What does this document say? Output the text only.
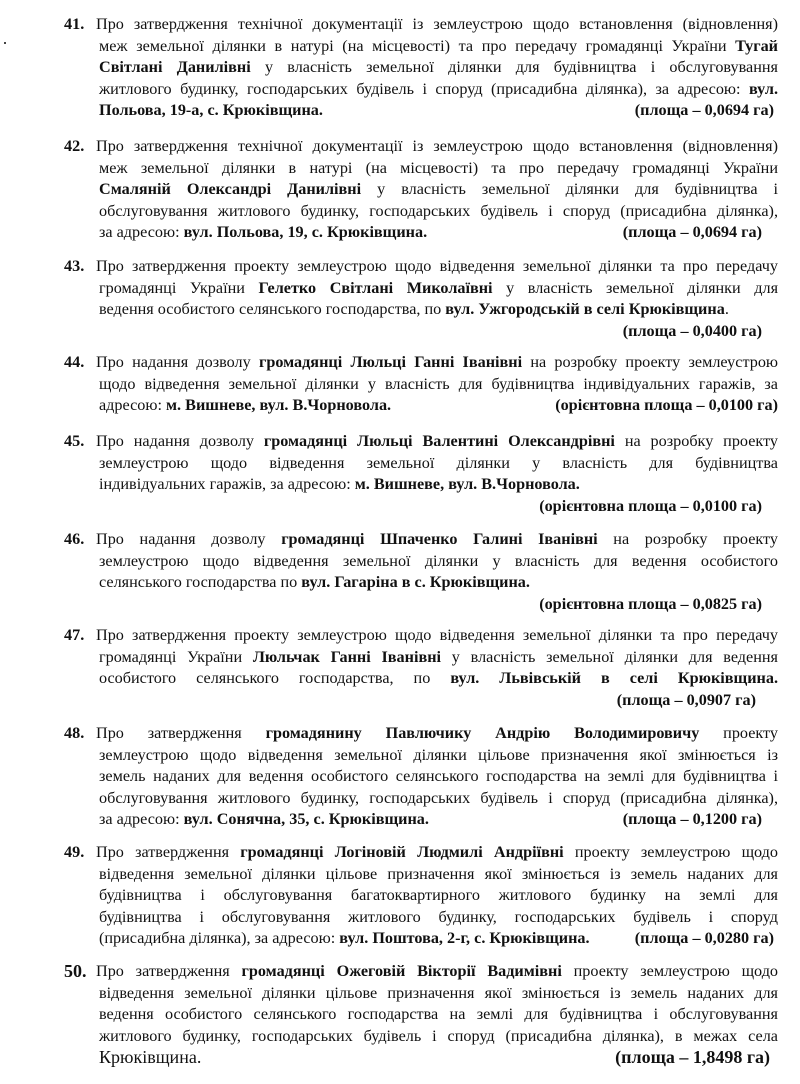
41. Про затвердження технічної документації із землеустрою щодо встановлення (відновлення)
меж земельної ділянки в натурі (на місцевості) та про передачу громадянці України Тугай
Світлані Данилівні у власність земельної ділянки для будівництва і обслуговування
житлового будинку, господарських будівель і споруд (присадибна ділянка), за адресою: вул.
Польова, 19-а, с. Крюківщина.	(площа – 0,0694 га)
42. Про затвердження технічної документації із землеустрою щодо встановлення (відновлення)
меж земельної ділянки в натурі (на місцевості) та про передачу громадянці України
Смаляній Олександрі Данилівні у власність земельної ділянки для будівництва і
обслуговування житлового будинку, господарських будівель і споруд (присадибна ділянка),
за адресою: вул. Польова, 19, с. Крюківщина.	(площа – 0,0694 га)
43. Про затвердження проекту землеустрою щодо відведення земельної ділянки та про передачу
громадянці України Гелетко Світлані Миколаївні у власність земельної ділянки для
ведення особистого селянського господарства, по вул. Ужгородській в селі Крюківщина.
(площа – 0,0400 га)
44. Про надання дозволу громадянці Люльці Ганні Іванівні на розробку проекту землеустрою
щодо відведення земельної ділянки у власність для будівництва індивідуальних гаражів, за
адресою: м. Вишневе, вул. В.Чорновола.	(орієнтовна площа – 0,0100 га)
45. Про надання дозволу громадянці Люльці Валентині Олександрівні на розробку проекту
землеустрою щодо відведення земельної ділянки у власність для будівництва
індивідуальних гаражів, за адресою: м. Вишневе, вул. В.Чорновола.
(орієнтовна площа – 0,0100 га)
46. Про надання дозволу громадянці Шпаченко Галині Іванівні на розробку проекту
землеустрою щодо відведення земельної ділянки у власність для ведення особистого
селянського господарства по вул. Гагаріна в с. Крюківщина.
(орієнтовна площа – 0,0825 га)
47. Про затвердження проекту землеустрою щодо відведення земельної ділянки та про передачу
громадянці України Люльчак Ганні Іванівні у власність земельної ділянки для ведення
особистого селянського господарства, по вул. Львівській в селі Крюківщина.
(площа – 0,0907 га)
48. Про затвердження громадянину Павлючику Андрію Володимировичу проекту
землеустрою щодо відведення земельної ділянки цільове призначення якої змінюється із
земель наданих для ведення особистого селянського господарства на землі для будівництва і
обслуговування житлового будинку, господарських будівель і споруд (присадибна ділянка),
за адресою: вул. Сонячна, 35, с. Крюківщина.	(площа – 0,1200 га)
49. Про затвердження громадянці Логіновій Людмилі Андріївні проекту землеустрою щодо
відведення земельної ділянки цільове призначення якої змінюється із земель наданих для
будівництва і обслуговування багатоквартирного житлового будинку на землі для
будівництва і обслуговування житлового будинку, господарських будівель і споруд
(присадибна ділянка), за адресою: вул. Поштова, 2-г, с. Крюківщина.	(площа – 0,0280 га)
50. Про затвердження громадянці Ожеговій Вікторії Вадимівні проекту землеустрою щодо
відведення земельної ділянки цільове призначення якої змінюється із земель наданих для
ведення особистого селянського господарства на землі для будівництва і обслуговування
житлового будинку, господарських будівель і споруд (присадибна ділянка), в межах села
Крюківщина.	(площа – 1,8498 га)
